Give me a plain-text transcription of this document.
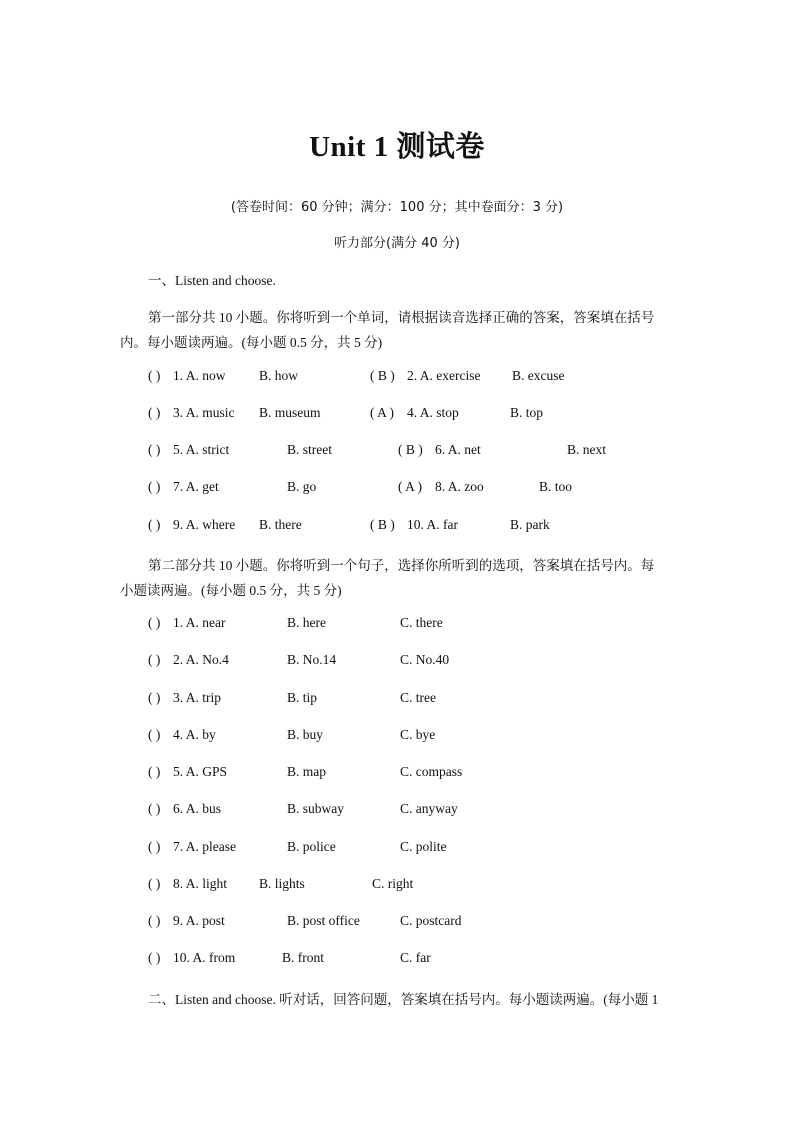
Unit 1 测试卷
(答卷时间：60 分钟；满分：100 分；其中卷面分：3 分)
听力部分(满分 40 分)
一、Listen and choose.
第一部分共 10 小题。你将听到一个单词，请根据读音选择正确的答案，答案填在括号
内。每小题读两遍。(每小题 0.5 分，共 5 分)
( ) 1. A. now B. how	( B ) 2. A. exercise B. excuse
( ) 3. A. music B. museum	( A ) 4. A. stop	B. top
( ) 5. A. strict	B. street	( B ) 6. A. net	B. next
( ) 7. A. get	B. go	( A ) 8. A. zoo	B. too
( ) 9. A. where B. there	( B ) 10. A. far	B. park
第二部分共 10 小题。你将听到一个句子，选择你所听到的选项，答案填在括号内。每
小题读两遍。(每小题 0.5 分，共 5 分)
( ) 1. A. near	B. here	C. there
( ) 2. A. No.4	B. No.14	C. No.40
( ) 3. A. trip	B. tip	C. tree
( ) 4. A. by	B. buy	C. bye
( ) 5. A. GPS	B. map	C. compass
( ) 6. A. bus	B. subway	C. anyway
( ) 7. A. please	B. police	C. polite
( ) 8. A. light B. lights	C. right
( ) 9. A. post	B. post office	C. postcard
( ) 10. A. from	B. front	C. far
二、Listen and choose. 听对话，回答问题，答案填在括号内。每小题读两遍。(每小题 1
